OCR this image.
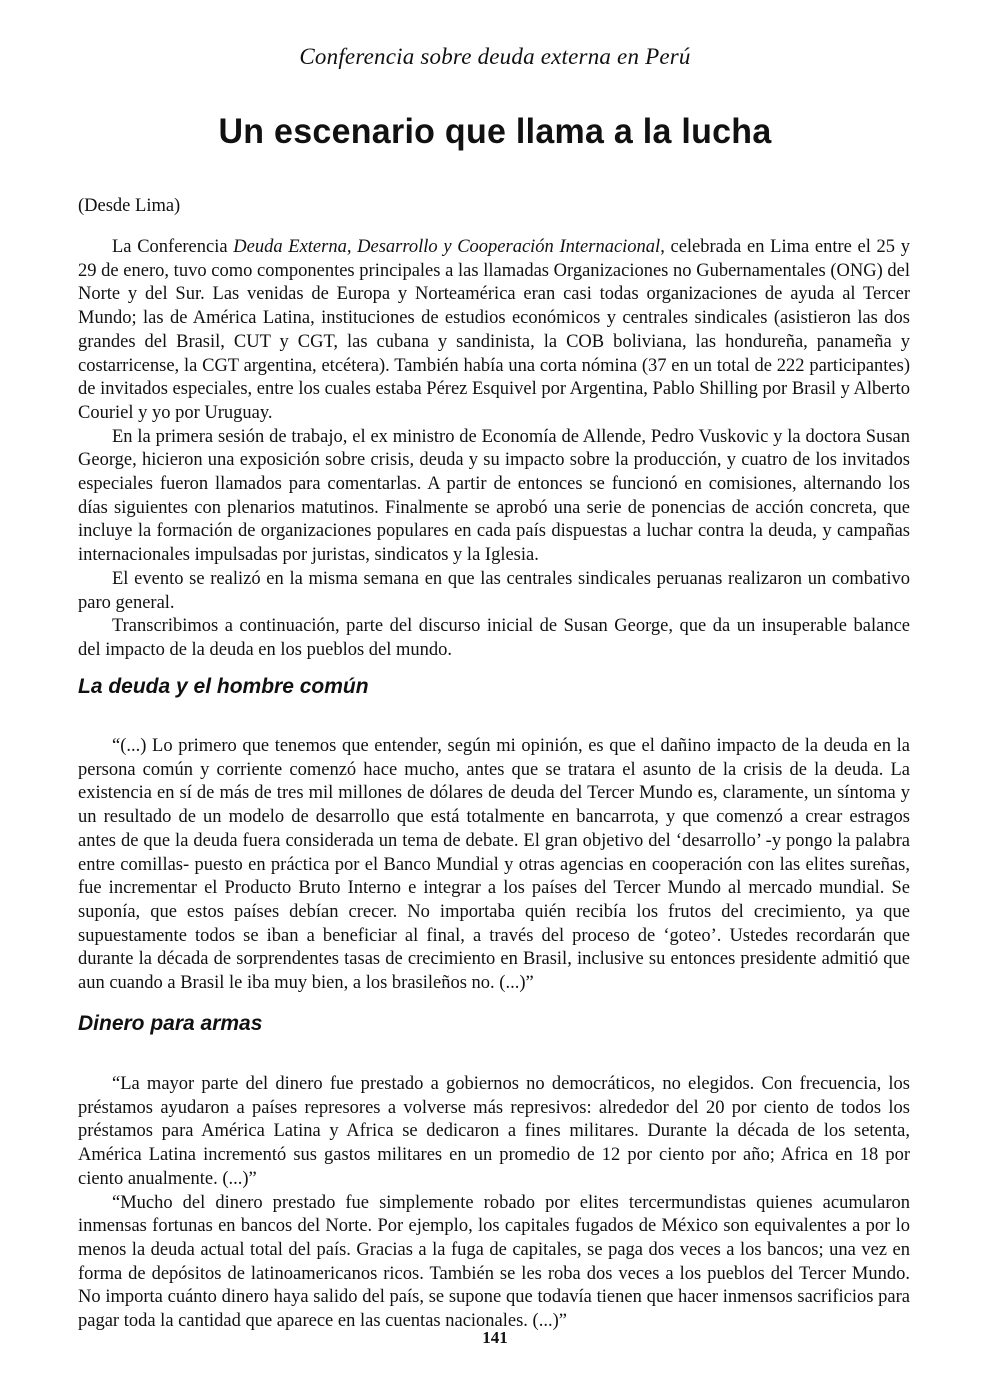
Conferencia sobre deuda externa en Perú
Un escenario que llama a la lucha
(Desde Lima)

La Conferencia Deuda Externa, Desarrollo y Cooperación Internacional, celebrada en Lima entre el 25 y 29 de enero, tuvo como componentes principales a las llamadas Organizaciones no Gubernamentales (ONG) del Norte y del Sur. Las venidas de Europa y Norteamérica eran casi todas organizaciones de ayuda al Tercer Mundo; las de América Latina, instituciones de estudios económicos y centrales sindicales (asistieron las dos grandes del Brasil, CUT y CGT, las cubana y sandinista, la COB boliviana, las hondureña, panameña y costarricense, la CGT argentina, etcétera). También había una corta nómina (37 en un total de 222 participantes) de invitados especiales, entre los cuales estaba Pérez Esquivel por Argentina, Pablo Shilling por Brasil y Alberto Couriel y yo por Uruguay.

En la primera sesión de trabajo, el ex ministro de Economía de Allende, Pedro Vuskovic y la doctora Susan George, hicieron una exposición sobre crisis, deuda y su impacto sobre la producción, y cuatro de los invitados especiales fueron llamados para comentarlas. A partir de entonces se funcionó en comisiones, alternando los días siguientes con plenarios matutinos. Finalmente se aprobó una serie de ponencias de acción concreta, que incluye la formación de organizaciones populares en cada país dispuestas a luchar contra la deuda, y campañas internacionales impulsadas por juristas, sindicatos y la Iglesia.

El evento se realizó en la misma semana en que las centrales sindicales peruanas realizaron un combativo paro general.

Transcribimos a continuación, parte del discurso inicial de Susan George, que da un insuperable balance del impacto de la deuda en los pueblos del mundo.

La deuda y el hombre común

“(...) Lo primero que tenemos que entender, según mi opinión, es que el dañino impacto de la deuda en la persona común y corriente comenzó hace mucho, antes que se tratara el asunto de la crisis de la deuda. La existencia en sí de más de tres mil millones de dólares de deuda del Tercer Mundo es, claramente, un síntoma y un resultado de un modelo de desarrollo que está totalmente en bancarrota, y que comenzó a crear estragos antes de que la deuda fuera considerada un tema de debate. El gran objetivo del ‘desarrollo’ -y pongo la palabra entre comillas- puesto en práctica por el Banco Mundial y otras agencias en cooperación con las elites sureñas, fue incrementar el Producto Bruto Interno e integrar a los países del Tercer Mundo al mercado mundial. Se suponía, que estos países debían crecer. No importaba quién recibía los frutos del crecimiento, ya que supuestamente todos se iban a beneficiar al final, a través del proceso de ‘goteo’. Ustedes recordarán que durante la década de sorprendentes tasas de crecimiento en Brasil, inclusive su entonces presidente admitió que aun cuando a Brasil le iba muy bien, a los brasileños no. (...)”

Dinero para armas

“La mayor parte del dinero fue prestado a gobiernos no democráticos, no elegidos. Con frecuencia, los préstamos ayudaron a países represores a volverse más represivos: alrededor del 20 por ciento de todos los préstamos para América Latina y Africa se dedicaron a fines militares. Durante la década de los setenta, América Latina incrementó sus gastos militares en un promedio de 12 por ciento por año; Africa en 18 por ciento anualmente. (...)”

“Mucho del dinero prestado fue simplemente robado por elites tercermundistas quienes acumularon inmensas fortunas en bancos del Norte. Por ejemplo, los capitales fugados de México son equivalentes a por lo menos la deuda actual total del país. Gracias a la fuga de capitales, se paga dos veces a los bancos; una vez en forma de depósitos de latinoamericanos ricos. También se les roba dos veces a los pueblos del Tercer Mundo. No importa cuánto dinero haya salido del país, se supone que todavía tienen que hacer inmensos sacrificios para pagar toda la cantidad que aparece en las cuentas nacionales. (...)”

141
